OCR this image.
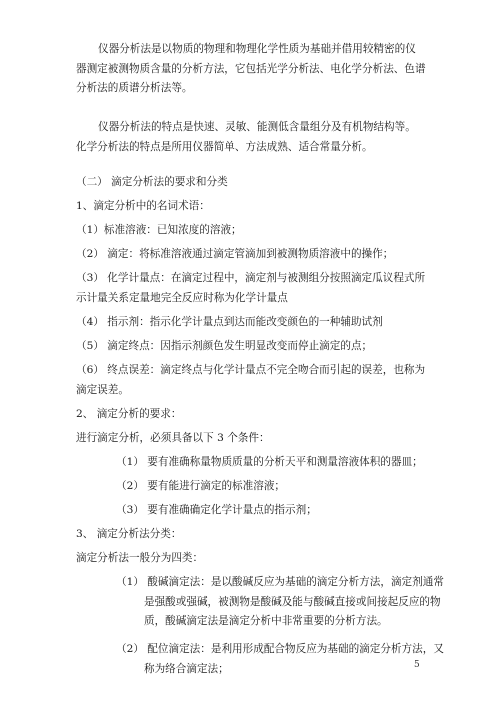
仪器分析法是以物质的物理和物理化学性质为基础并借用较精密的仪器测定被测物质含量的分析方法，它包括光学分析法、电化学分析法、色谱分析法的质谱分析法等。

仪器分析法的特点是快速、灵敏、能测低含量组分及有机物结构等。化学分析法的特点是所用仪器简单、方法成熟、适合常量分析。

（二） 滴定分析法的要求和分类

1、滴定分析中的名词术语：

（1）标准溶液：已知浓度的溶液；

（2） 滴定：将标准溶液通过滴定管滴加到被测物质溶液中的操作；

（3） 化学计量点：在滴定过程中，滴定剂与被测组分按照滴定瓜议程式所示计量关系定量地完全反应时称为化学计量点

（4） 指示剂：指示化学计量点到达而能改变颜色的一种辅助试剂

（5） 滴定终点：因指示剂颜色发生明显改变而停止滴定的点；

（6） 终点误差：滴定终点与化学计量点不完全吻合而引起的误差，也称为滴定误差。

2、 滴定分析的要求：

进行滴定分析，必须具备以下 3 个条件：

（1） 要有准确称量物质质量的分析天平和测量溶液体积的器皿；

（2） 要有能进行滴定的标准溶液；

（3） 要有准确确定化学计量点的指示剂；

3、 滴定分析法分类：

滴定分析法一般分为四类：

（1） 酸碱滴定法：是以酸碱反应为基础的滴定分析方法，滴定剂通常是强酸或强碱，被测物是酸碱及能与酸碱直接或间接起反应的物质，酸碱滴定法是滴定分析中非常重要的分析方法。

（2） 配位滴定法：是利用形成配合物反应为基础的滴定分析方法，又称为络合滴定法；	5
